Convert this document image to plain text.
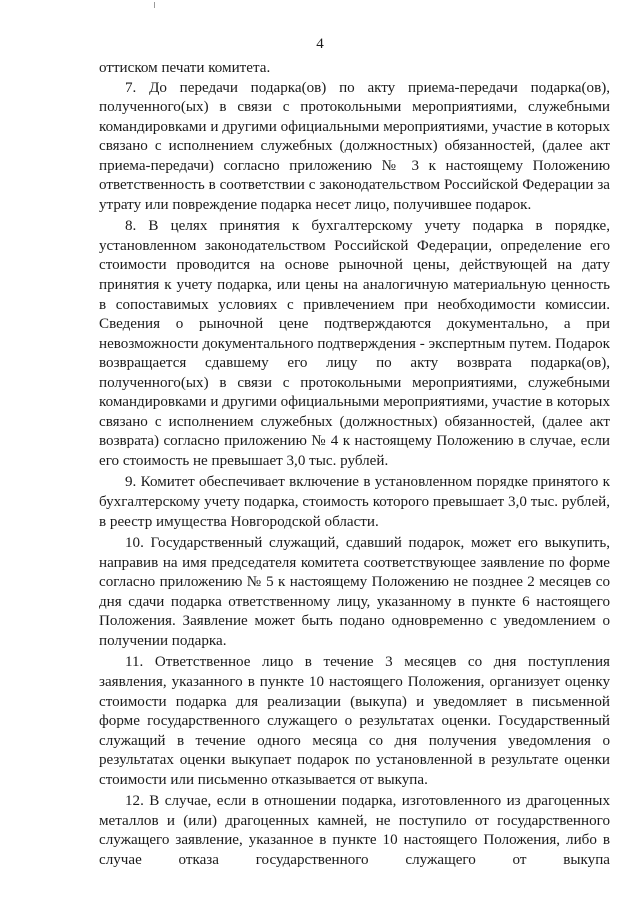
4

оттиском печати комитета.

7. До передачи подарка(ов) по акту приема-передачи подарка(ов), полученного(ых) в связи с протокольными мероприятиями, служебными командировками и другими официальными мероприятиями, участие в которых связано с исполнением служебных (должностных) обязанностей, (далее акт приема-передачи) согласно приложению № 3 к настоящему Положению ответственность в соответствии с законодательством Российской Федерации за утрату или повреждение подарка несет лицо, получившее подарок.

8. В целях принятия к бухгалтерскому учету подарка в порядке, установленном законодательством Российской Федерации, определение его стоимости проводится на основе рыночной цены, действующей на дату принятия к учету подарка, или цены на аналогичную материальную ценность в сопоставимых условиях с привлечением при необходимости комиссии. Сведения о рыночной цене подтверждаются документально, а при невозможности документального подтверждения - экспертным путем. Подарок возвращается сдавшему его лицу по акту возврата подарка(ов), полученного(ых) в связи с протокольными мероприятиями, служебными командировками и другими официальными мероприятиями, участие в которых связано с исполнением служебных (должностных) обязанностей, (далее акт возврата) согласно приложению № 4 к настоящему Положению в случае, если его стоимость не превышает 3,0 тыс. рублей.

9. Комитет обеспечивает включение в установленном порядке принятого к бухгалтерскому учету подарка, стоимость которого превышает 3,0 тыс. рублей, в реестр имущества Новгородской области.

10. Государственный служащий, сдавший подарок, может его выкупить, направив на имя председателя комитета соответствующее заявление по форме согласно приложению № 5 к настоящему Положению не позднее 2 месяцев со дня сдачи подарка ответственному лицу, указанному в пункте 6 настоящего Положения. Заявление может быть подано одновременно с уведомлением о получении подарка.

11. Ответственное лицо в течение 3 месяцев со дня поступления заявления, указанного в пункте 10 настоящего Положения, организует оценку стоимости подарка для реализации (выкупа) и уведомляет в письменной форме государственного служащего о результатах оценки. Государственный служащий в течение одного месяца со дня получения уведомления о результатах оценки выкупает подарок по установленной в результате оценки стоимости или письменно отказывается от выкупа.

12. В случае, если в отношении подарка, изготовленного из драгоценных металлов и (или) драгоценных камней, не поступило от государственного служащего заявление, указанное в пункте 10 настоящего Положения, либо в случае отказа государственного служащего от выкупа
